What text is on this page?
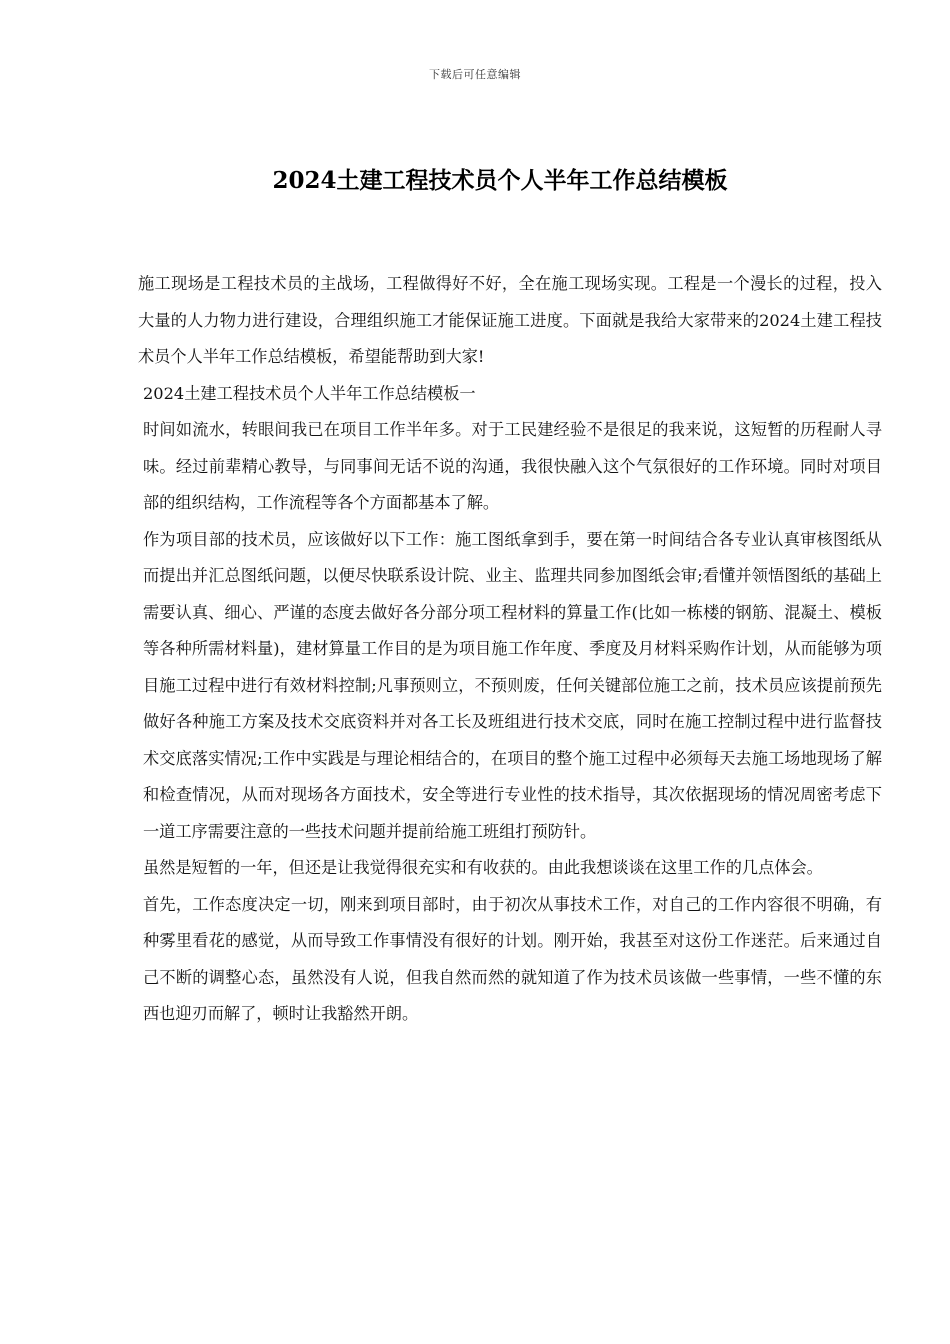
下载后可任意编辑
2024土建工程技术员个人半年工作总结模板

施工现场是工程技术员的主战场，工程做得好不好，全在施工现场实现。工程是一个漫长的过程，投入大量的人力物力进行建设，合理组织施工才能保证施工进度。下面就是我给大家带来的2024土建工程技术员个人半年工作总结模板，希望能帮助到大家!

2024土建工程技术员个人半年工作总结模板一

时间如流水，转眼间我已在项目工作半年多。对于工民建经验不是很足的我来说，这短暂的历程耐人寻味。经过前辈精心教导，与同事间无话不说的沟通，我很快融入这个气氛很好的工作环境。同时对项目部的组织结构，工作流程等各个方面都基本了解。

作为项目部的技术员，应该做好以下工作：施工图纸拿到手，要在第一时间结合各专业认真审核图纸从而提出并汇总图纸问题，以便尽快联系设计院、业主、监理共同参加图纸会审;看懂并领悟图纸的基础上需要认真、细心、严谨的态度去做好各分部分项工程材料的算量工作(比如一栋楼的钢筋、混凝土、模板等各种所需材料量)，建材算量工作目的是为项目施工作年度、季度及月材料采购作计划，从而能够为项目施工过程中进行有效材料控制;凡事预则立，不预则废，任何关键部位施工之前，技术员应该提前预先做好各种施工方案及技术交底资料并对各工长及班组进行技术交底，同时在施工控制过程中进行监督技术交底落实情况;工作中实践是与理论相结合的，在项目的整个施工过程中必须每天去施工场地现场了解和检查情况，从而对现场各方面技术，安全等进行专业性的技术指导，其次依据现场的情况周密考虑下一道工序需要注意的一些技术问题并提前给施工班组打预防针。

虽然是短暂的一年，但还是让我觉得很充实和有收获的。由此我想谈谈在这里工作的几点体会。

首先，工作态度决定一切，刚来到项目部时，由于初次从事技术工作，对自己的工作内容很不明确，有种雾里看花的感觉，从而导致工作事情没有很好的计划。刚开始，我甚至对这份工作迷茫。后来通过自己不断的调整心态，虽然没有人说，但我自然而然的就知道了作为技术员该做一些事情，一些不懂的东西也迎刃而解了，顿时让我豁然开朗。
